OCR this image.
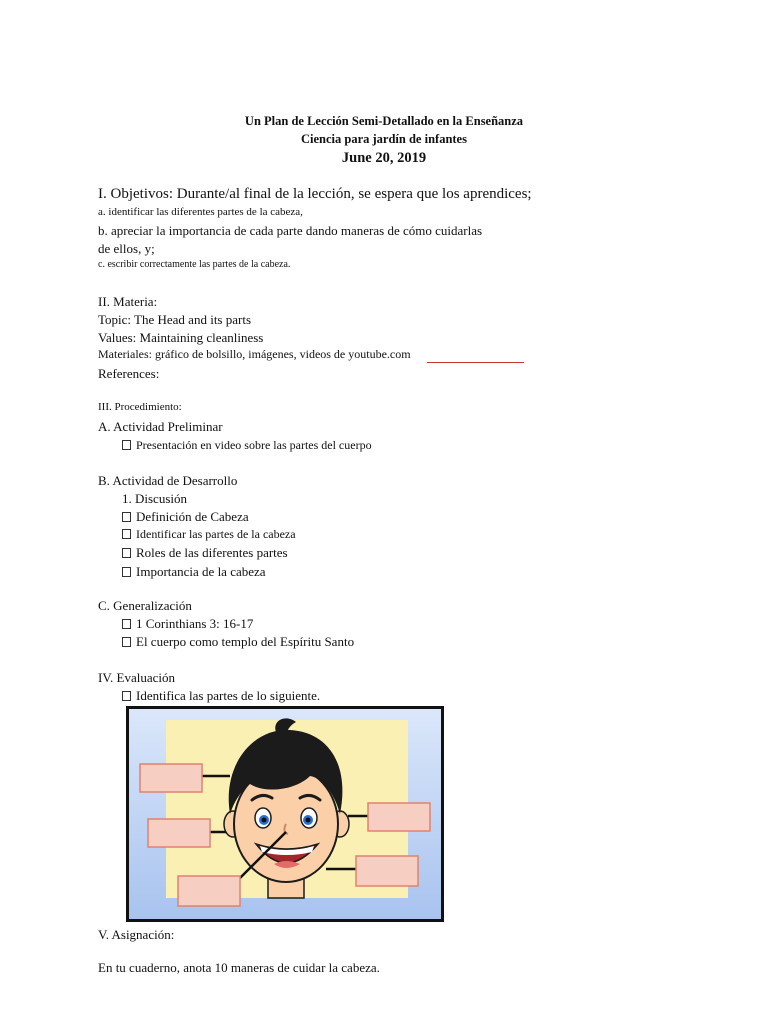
Un Plan de Lección Semi-Detallado en la Enseñanza
Ciencia para jardín de infantes
June 20, 2019
I. Objetivos: Durante/al final de la lección, se espera que los aprendices;
a. identificar las diferentes partes de la cabeza,
b. apreciar la importancia de cada parte dando maneras de cómo cuidarlas
de ellos, y;
c. escribir correctamente las partes de la cabeza.
II. Materia:
Topic: The Head and its parts
Values: Maintaining cleanliness
Materiales: gráfico de bolsillo, imágenes, videos de youtube.com
References:
III. Procedimiento:
A. Actividad Preliminar
Presentación en video sobre las partes del cuerpo
B. Actividad de Desarrollo
1. Discusión
Definición de Cabeza
Identificar las partes de la cabeza
Roles de las diferentes partes
Importancia de la cabeza
C. Generalización
1 Corinthians 3: 16-17
El cuerpo como templo del Espíritu Santo
IV. Evaluación
Identifica las partes de lo siguiente.
V. Asignación:
En tu cuaderno, anota 10 maneras de cuidar la cabeza.
